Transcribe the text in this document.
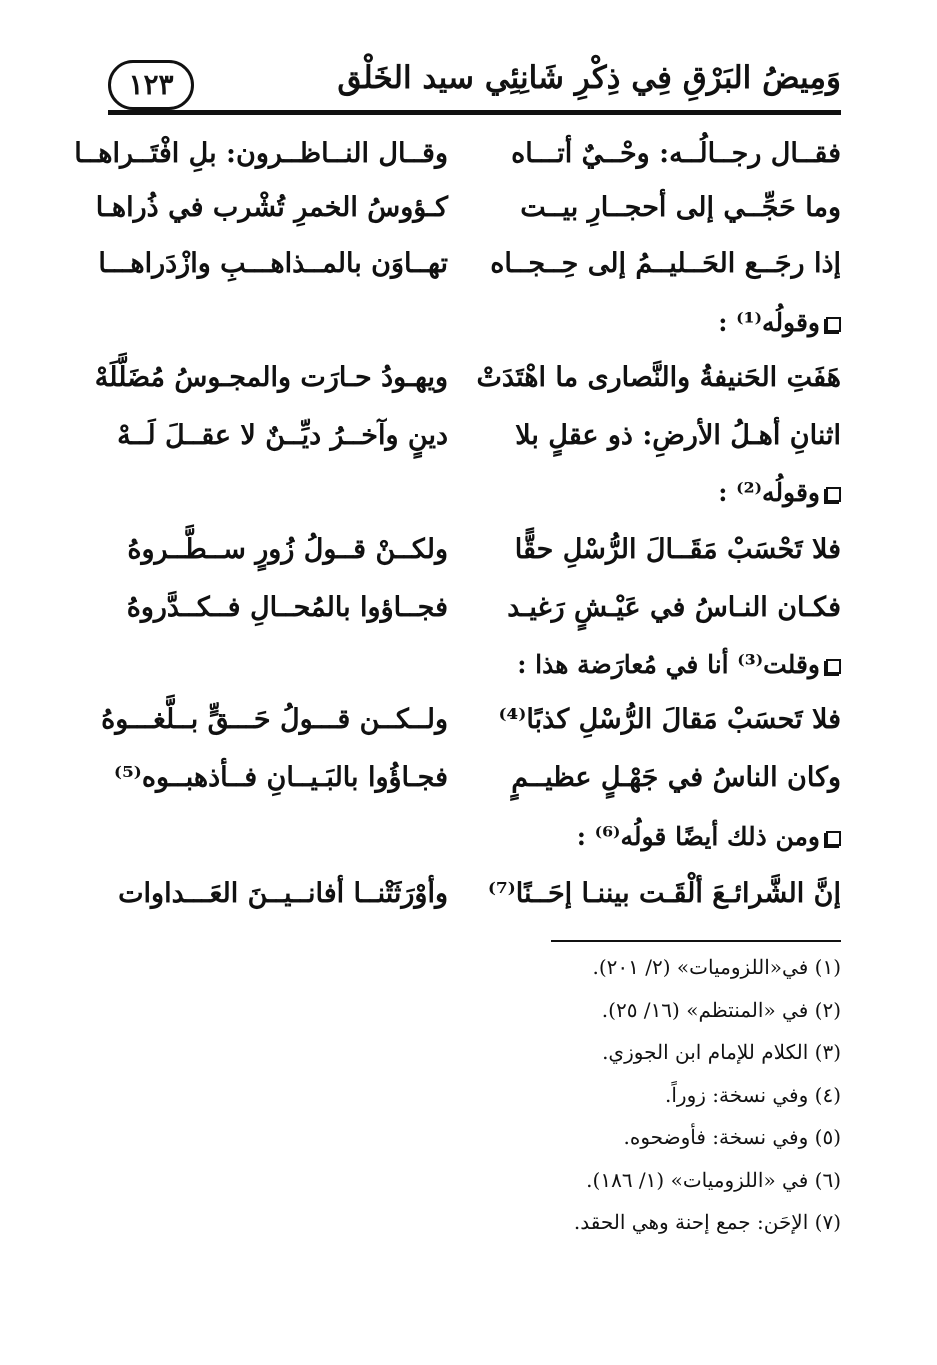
وَمِيضُ البَرْقِ فِي ذِكْرِ شَانِئِي سيد الخَلْق
١٢٣
فقــال رجــالُــه: وحْــيٌ أتـــاه
وقــال النــاظــرون: بلِ افْتَــراهــا
وما حَجِّــي إلى أحجــارِ بيــت
كـؤوسُ الخمرِ تُشْرب في ذُراهـا
إذا رجَــع الحَــليــمُ إلى حِــجــاه
تهــاوَن بالمــذاهـــبِ وازْدَراهـــا
وقولُه⁽¹⁾ :
هَفَتِ الحَنيفةُ والنَّصارى ما اهْتَدَتْ
ويهـودُ حـارَت والمجـوسُ مُضَلَّلَهْ
اثنانِ أهـلُ الأرضِ: ذو عقلٍ بلا
دينٍ وآخــرُ ديِّــنٌ لا عقــلَ لَــهْ
وقولُه⁽²⁾ :
فلا تَحْسَبْ مَقَــالَ الرُّسْلِ حقًّا
ولكــنْ قــولُ زُورٍ ســطَّــروهُ
فكـان النـاسُ في عَيْـشٍ رَغيـد
فجــاؤوا بالمُحــالِ فــكــدَّروهُ
وقلت⁽³⁾ أنا في مُعارَضة هذا :
فلا تَحسَبْ مَقالَ الرُّسْلِ كذبًا⁽⁴⁾
ولــكــن قـــولُ حَـــقٍّ بــلَّغـــوهُ
وكان الناسُ في جَهْـلٍ عظيــمٍ
فجـاؤُوا بالبَـيــانِ فــأذهبــوه⁽⁵⁾
ومن ذلك أيضًا قولُه⁽⁶⁾ :
إنَّ الشَّرائـعَ ألْقَـت بيننـا إحَــنًا⁽⁷⁾
وأوْرَثَتْنــا أفانــيــنَ العَـــداوات
(١) في«اللزوميات» (٢/ ٢٠١).
(٢) في «المنتظم» (١٦/ ٢٥).
(٣) الكلام للإمام ابن الجوزي.
(٤) وفي نسخة: زوراً.
(٥) وفي نسخة: فأوضحوه.
(٦) في «اللزوميات» (١/ ١٨٦).
(٧) الإحَن: جمع إحنة وهي الحقد.
